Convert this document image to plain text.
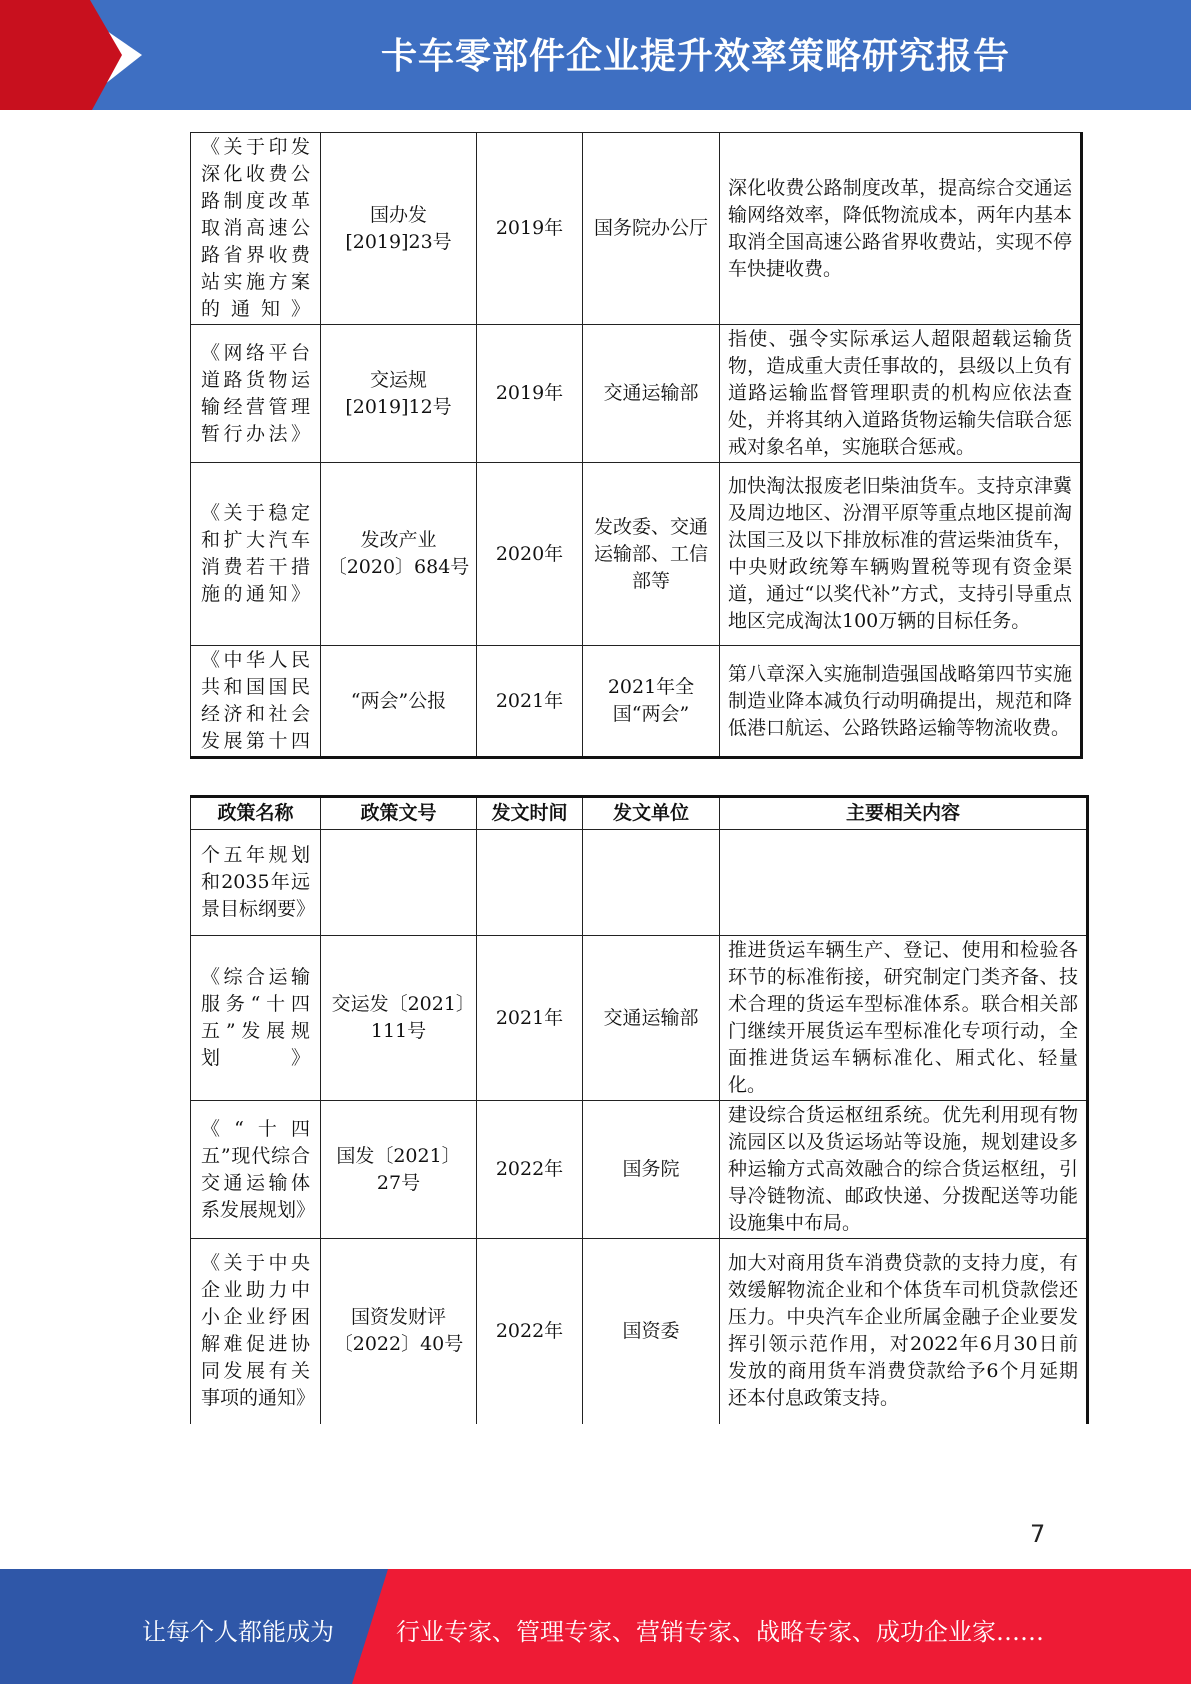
卡车零部件企业提升效率策略研究报告
《关于印发深化收费公路制度改革取消高速公路省界收费站实施方案的通知》	国办发[2019]23号	2019年	国务院办公厅	深化收费公路制度改革，提高综合交通运输网络效率，降低物流成本，两年内基本取消全国高速公路省界收费站，实现不停车快捷收费。
《网络平台道路货物运输经营管理暂行办法》	交运规[2019]12号	2019年	交通运输部	指使、强令实际承运人超限超载运输货物，造成重大责任事故的，县级以上负有道路运输监督管理职责的机构应依法查处，并将其纳入道路货物运输失信联合惩戒对象名单，实施联合惩戒。
《关于稳定和扩大汽车消费若干措施的通知》	发改产业〔2020〕684号	2020年	发改委、交通运输部、工信部等	加快淘汰报废老旧柴油货车。支持京津冀及周边地区、汾渭平原等重点地区提前淘汰国三及以下排放标准的营运柴油货车，中央财政统筹车辆购置税等现有资金渠道，通过“以奖代补”方式，支持引导重点地区完成淘汰100万辆的目标任务。
《中华人民共和国国民经济和社会发展第十四	“两会”公报	2021年	2021年全国“两会”	第八章深入实施制造强国战略第四节实施制造业降本减负行动明确提出，规范和降低港口航运、公路铁路运输等物流收费。
政策名称	政策文号	发文时间	发文单位	主要相关内容
个五年规划和2035年远景目标纲要》				
《综合运输服务“十四五”发展规划》	交运发〔2021〕111号	2021年	交通运输部	推进货运车辆生产、登记、使用和检验各环节的标准衔接，研究制定门类齐备、技术合理的货运车型标准体系。联合相关部门继续开展货运车型标准化专项行动，全面推进货运车辆标准化、厢式化、轻量化。
《“十四五”现代综合交通运输体系发展规划》	国发〔2021〕27号	2022年	国务院	建设综合货运枢纽系统。优先利用现有物流园区以及货运场站等设施，规划建设多种运输方式高效融合的综合货运枢纽，引导冷链物流、邮政快递、分拨配送等功能设施集中布局。
《关于中央企业助力中小企业纾困解难促进协同发展有关事项的通知》	国资发财评〔2022〕40号	2022年	国资委	加大对商用货车消费贷款的支持力度，有效缓解物流企业和个体货车司机贷款偿还压力。中央汽车企业所属金融子企业要发挥引领示范作用，对2022年6月30日前发放的商用货车消费贷款给予6个月延期还本付息政策支持。
7
让每个人都能成为	行业专家、管理专家、营销专家、战略专家、成功企业家……
